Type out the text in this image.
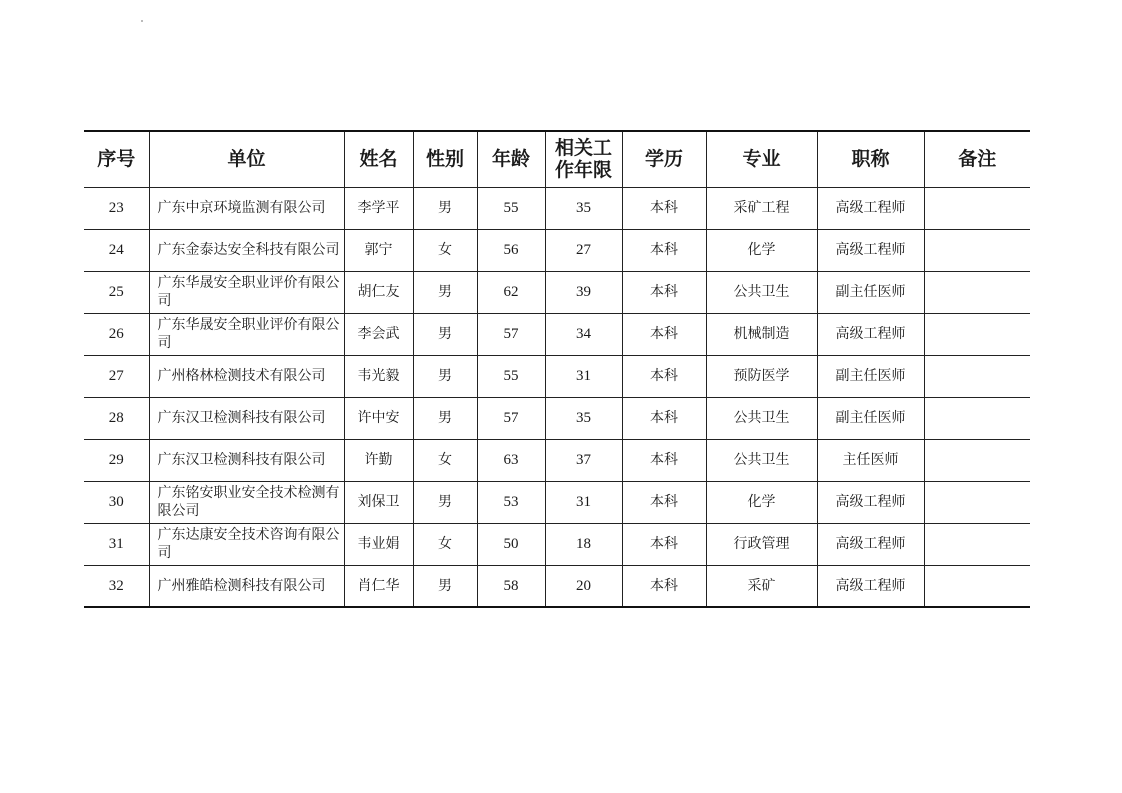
序号	单位	姓名	性别	年龄	相关工作年限	学历	专业	职称	备注
23	广东中京环境监测有限公司	李学平	男	55	35	本科	采矿工程	高级工程师	
24	广东金泰达安全科技有限公司	郭宁	女	56	27	本科	化学	高级工程师	
25	广东华晟安全职业评价有限公司	胡仁友	男	62	39	本科	公共卫生	副主任医师	
26	广东华晟安全职业评价有限公司	李会武	男	57	34	本科	机械制造	高级工程师	
27	广州格林检测技术有限公司	韦光毅	男	55	31	本科	预防医学	副主任医师	
28	广东汉卫检测科技有限公司	许中安	男	57	35	本科	公共卫生	副主任医师	
29	广东汉卫检测科技有限公司	许勤	女	63	37	本科	公共卫生	主任医师	
30	广东铭安职业安全技术检测有限公司	刘保卫	男	53	31	本科	化学	高级工程师	
31	广东达康安全技术咨询有限公司	韦业娟	女	50	18	本科	行政管理	高级工程师	
32	广州雅皓检测科技有限公司	肖仁华	男	58	20	本科	采矿	高级工程师	
